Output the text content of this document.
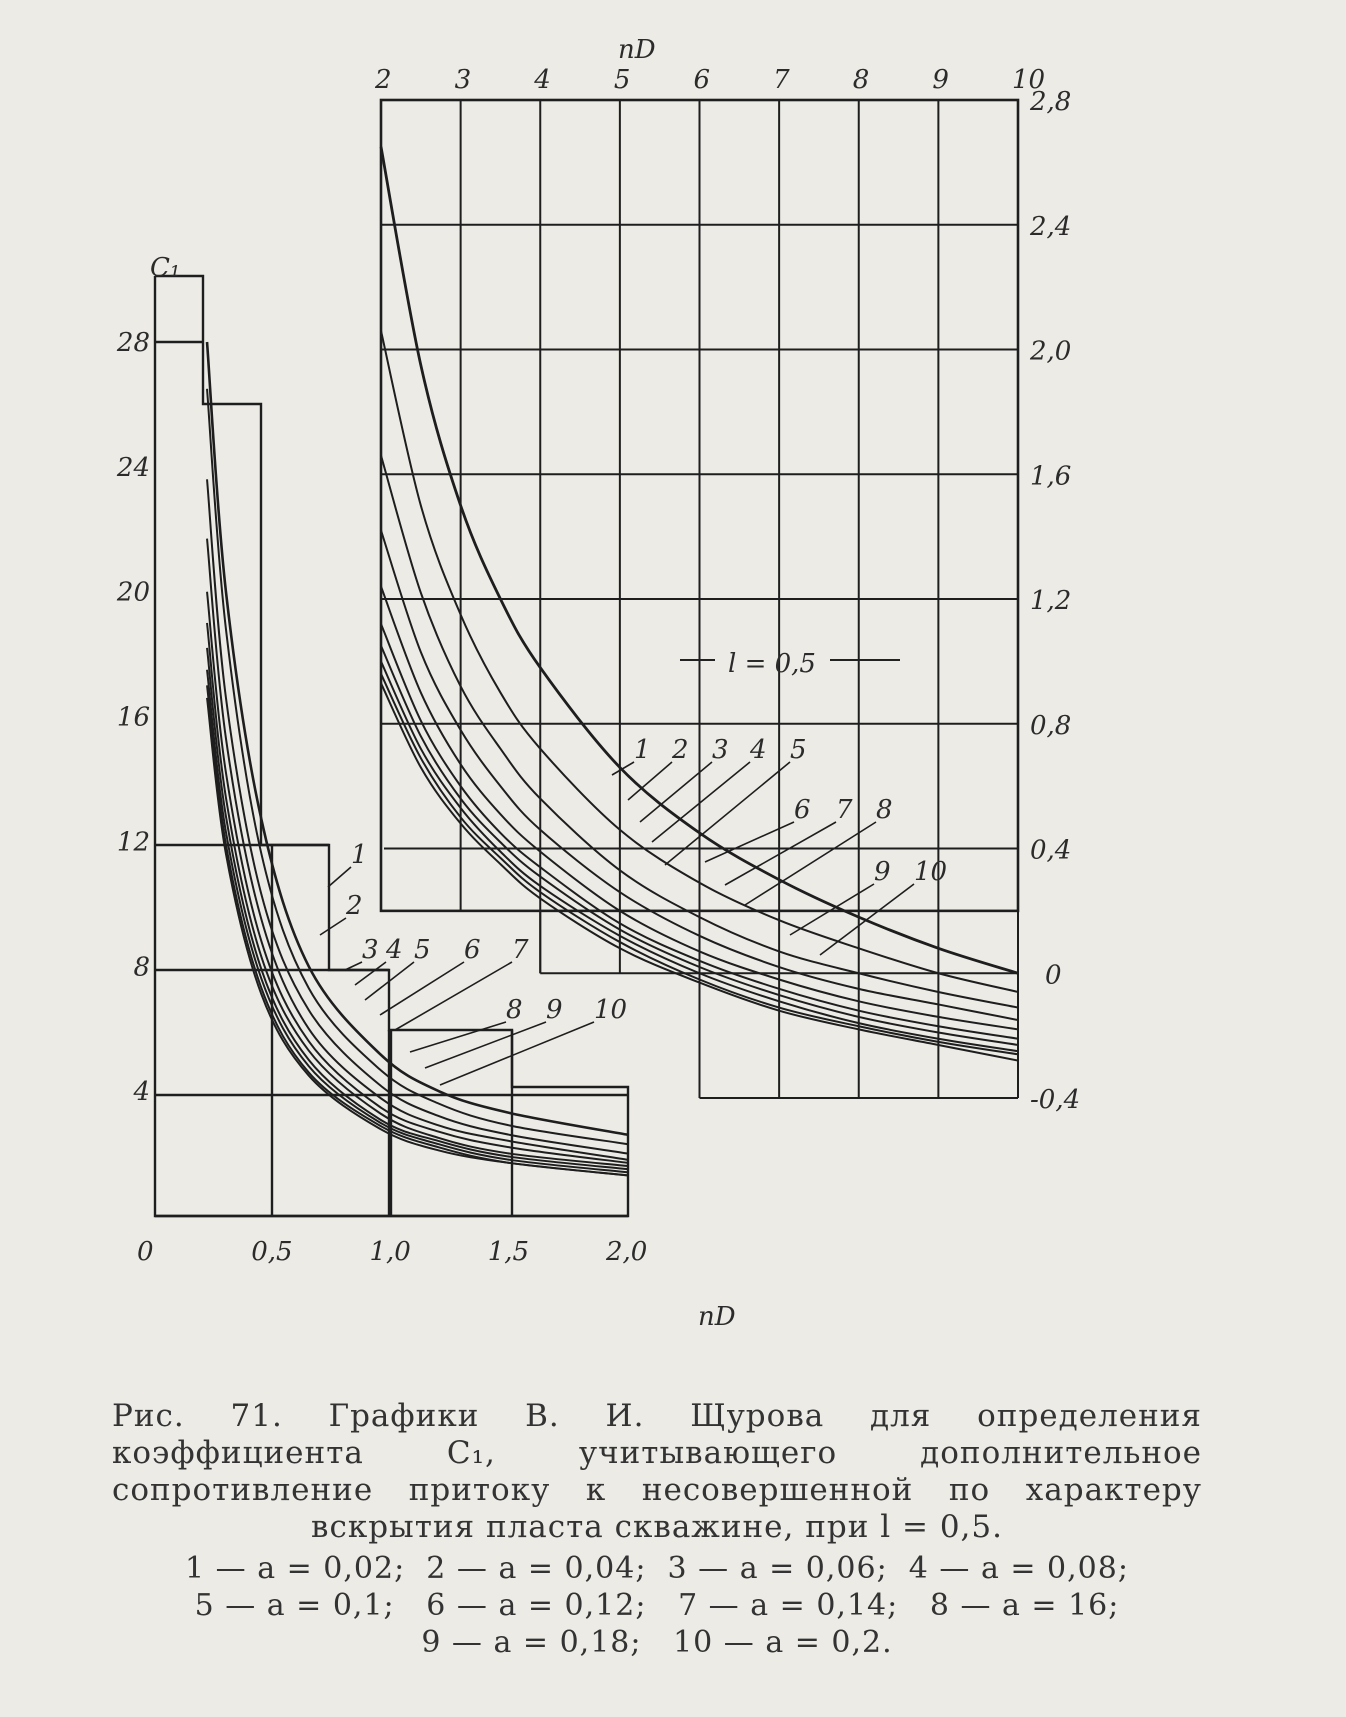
1
2
3 4 5 6 7
8 9 10
1 2 3 4 5
6 7 8
9 10
0	0,5	1,0	1,5	2,0
4
8
12
16
20
24
28
2 3 4 5 6 7 8 9 10
2,8
2,4
2,0
1,6
1,2
0,8
0,4
0
-0,4
C₁
nD
nD
l = 0,5
Рис. 71. Графики В. И. Щурова для определения коэффициента C₁, учитывающего дополнительное сопротивление притоку к несовершенной по характеру вскрытия пласта скважине, при l = 0,5.
1 — a = 0,02; 2 — a = 0,04; 3 — a = 0,06; 4 — a = 0,08;
5 — a = 0,1; 6 — a = 0,12; 7 — a = 0,14; 8 — a = 16;
9 — a = 0,18; 10 — a = 0,2.
